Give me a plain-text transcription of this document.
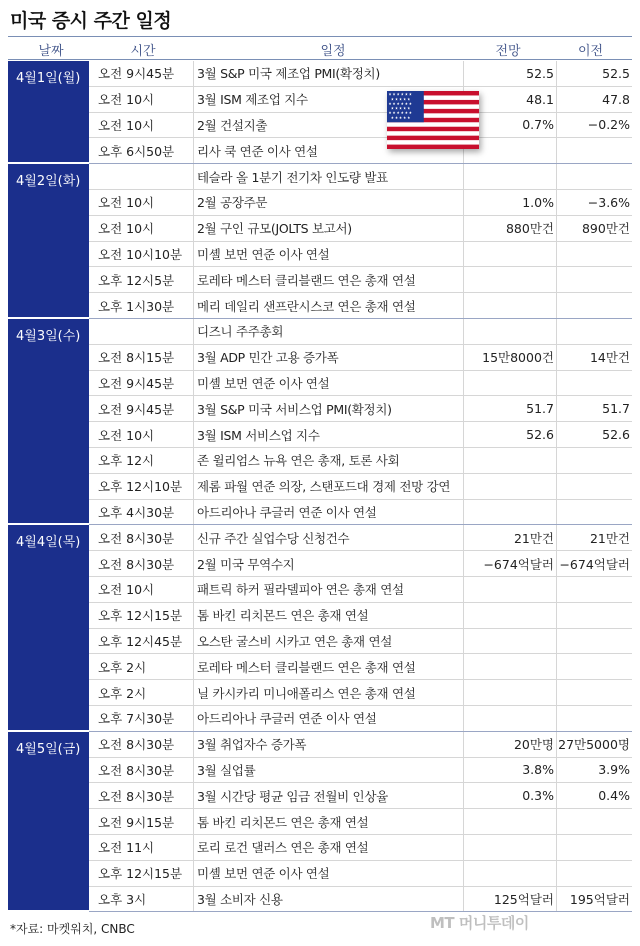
미국 증시 주간 일정
날짜	시간	일정	전망	이전
4월1일(월)	오전 9시45분	3월 S&P 미국 제조업 PMI(확정치)	52.5	52.5
오전 10시	3월 ISM 제조업 지수	48.1	47.8
오전 10시	2월 건설지출	0.7%	−0.2%
오후 6시50분	리사 쿡 연준 이사 연설
4월2일(화)	테슬라 올 1분기 전기차 인도량 발표
오전 10시	2월 공장주문	1.0%	−3.6%
오전 10시	2월 구인 규모(JOLTS 보고서)	880만건	890만건
오전 10시10분	미셸 보먼 연준 이사 연설
오후 12시5분	로레타 메스터 클리블랜드 연은 총재 연설
오후 1시30분	메리 데일리 샌프란시스코 연은 총재 연설
4월3일(수)	디즈니 주주총회
오전 8시15분	3월 ADP 민간 고용 증가폭	15만8000건	14만건
오전 9시45분	미셸 보먼 연준 이사 연설
오전 9시45분	3월 S&P 미국 서비스업 PMI(확정치)	51.7	51.7
오전 10시	3월 ISM 서비스업 지수	52.6	52.6
오후 12시	존 윌리엄스 뉴욕 연은 총재, 토론 사회
오후 12시10분	제롬 파월 연준 의장, 스탠포드대 경제 전망 강연
오후 4시30분	아드리아나 쿠글러 연준 이사 연설
4월4일(목)	오전 8시30분	신규 주간 실업수당 신청건수	21만건	21만건
오전 8시30분	2월 미국 무역수지	−674억달러 −674억달러
오전 10시	패트릭 하커 필라델피아 연은 총재 연설
오후 12시15분	톰 바킨 리치몬드 연은 총재 연설
오후 12시45분	오스탄 굴스비 시카고 연은 총재 연설
오후 2시	로레타 메스터 클리블랜드 연은 총재 연설
오후 2시	닐 카시카리 미니애폴리스 연은 총재 연설
오후 7시30분	아드리아나 쿠글러 연준 이사 연설
4월5일(금)	오전 8시30분	3월 취업자수 증가폭	20만명 27만5000명
오전 8시30분	3월 실업률	3.8%	3.9%
오전 8시30분	3월 시간당 평균 임금 전월비 인상율	0.3%	0.4%
오전 9시15분	톰 바킨 리치몬드 연은 총재 연설
오전 11시	로리 로건 댈러스 연은 총재 연설
오후 12시15분	미셸 보먼 연준 이사 연설
오후 3시	3월 소비자 신용	125억달러	195억달러
★ ★ ★ ★ ★ ★
★ ★ ★ ★ ★
★ ★ ★ ★ ★ ★
★ ★ ★ ★ ★
★ ★ ★ ★ ★ ★
★ ★ ★ ★ ★
*자료: 마켓워치, CNBC	MT 머니투데이
